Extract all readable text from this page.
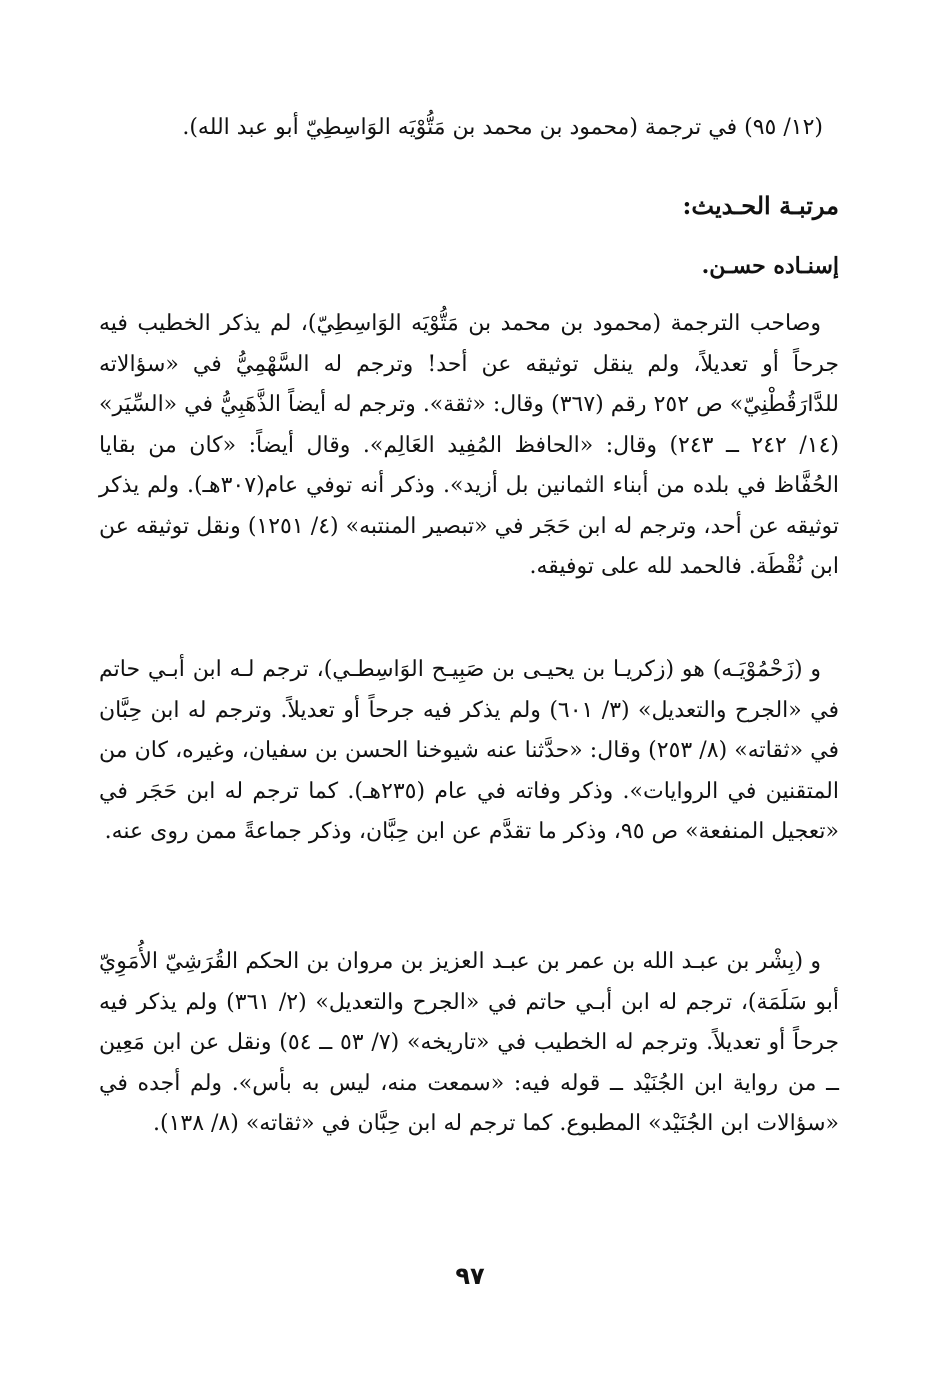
(١٢/ ٩٥) في ترجمة (محمود بن محمد بن مَتُّوْيَه الوَاسِطِيّ أبو عبد الله).
مرتبـة الحـديث:
إسنـاده حسـن.
وصاحب الترجمة (محمود بن محمد بن مَتُّوْيَه الوَاسِطِيّ)، لم يذكر الخطيب فيه جرحاً أو تعديلاً، ولم ينقل توثيقه عن أحد! وترجم له السَّهْمِيُّ في «سؤالاته للدَّارَقُطْنِيّ» ص ٢٥٢ رقم (٣٦٧) وقال: «ثقة». وترجم له أيضاً الذَّهَبِيُّ في «السِّيَر» (١٤/ ٢٤٢ ــ ٢٤٣) وقال: «الحافظ المُفِيد العَالِم». وقال أيضاً: «كان من بقايا الحُفَّاظ في بلده من أبناء الثمانين بل أزيد». وذكر أنه توفي عام(٣٠٧هـ). ولم يذكر توثيقه عن أحد، وترجم له ابن حَجَر في «تبصير المنتبه» (٤/ ١٢٥١) ونقل توثيقه عن ابن نُقْطَة. فالحمد لله على توفيقه.
و (زَحْمُوْيَـه) هو (زكريـا بن يحيـى بن صَبِيـح الوَاسِطـي)، ترجم لـه ابن أبـي حاتم في «الجرح والتعديل» (٣/ ٦٠١) ولم يذكر فيه جرحاً أو تعديلاً. وترجم له ابن حِبَّان في «ثقاته» (٨/ ٢٥٣) وقال: «حدَّثنا عنه شيوخنا الحسن بن سفيان، وغيره، كان من المتقنين في الروايات». وذكر وفاته في عام (٢٣٥هـ). كما ترجم له ابن حَجَر في «تعجيل المنفعة» ص ٩٥، وذكر ما تقدَّم عن ابن حِبَّان، وذكر جماعةً ممن روى عنه.
و (بِشْر بن عبـد الله بن عمر بن عبـد العزيز بن مروان بن الحكم القُرَشِيّ الأُمَوِيّ أبو سَلَمَة)، ترجم له ابن أبـي حاتم في «الجرح والتعديل» (٢/ ٣٦١) ولم يذكر فيه جرحاً أو تعديلاً. وترجم له الخطيب في «تاريخه» (٧/ ٥٣ ــ ٥٤) ونقل عن ابن مَعِين ــ من رواية ابن الجُنَيْد ــ قوله فيه: «سمعت منه، ليس به بأس». ولم أجده في «سؤالات ابن الجُنَيْد» المطبوع. كما ترجم له ابن حِبَّان في «ثقاته» (٨/ ١٣٨).
٩٧
